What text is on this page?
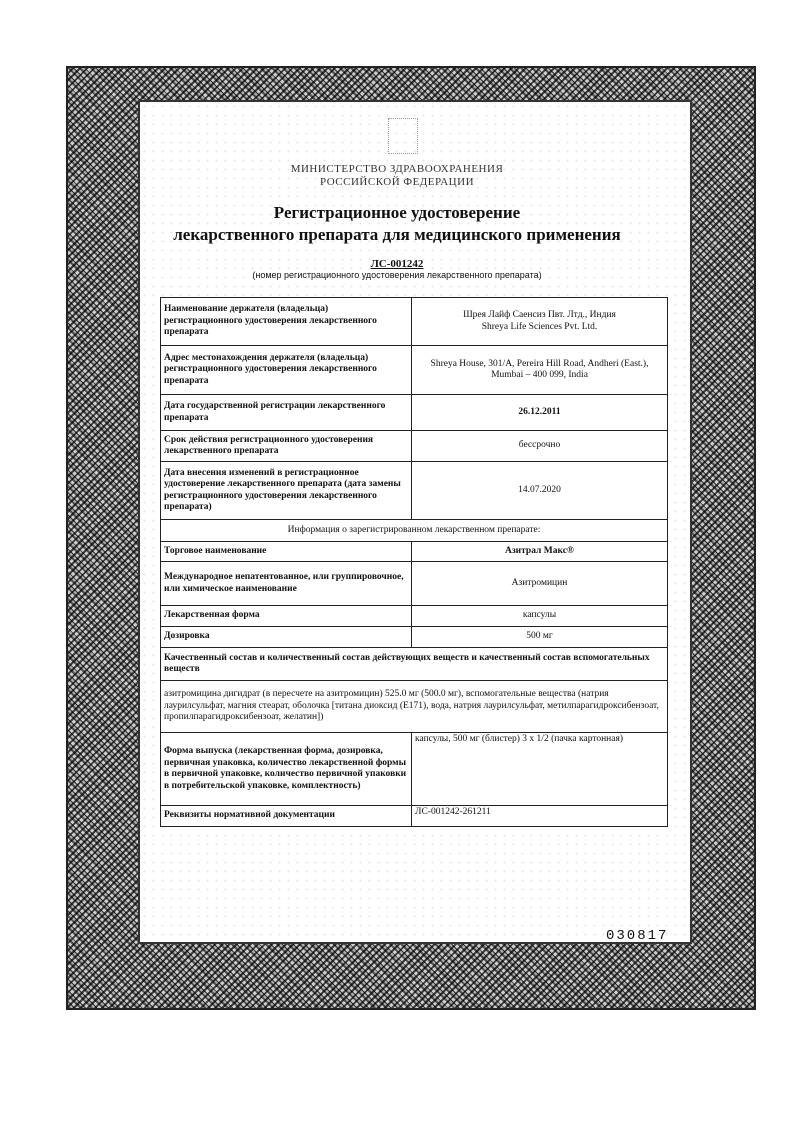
МИНИСТЕРСТВО ЗДРАВООХРАНЕНИЯ
РОССИЙСКОЙ ФЕДЕРАЦИИ
Регистрационное удостоверение
лекарственного препарата для медицинского применения
ЛС-001242
(номер регистрационного удостоверения лекарственного препарата)
Наименование держателя (владельца) регистрационного удостоверения лекарственного препарата	Шрея Лайф Саенсиз Пвт. Лтд., Индия
Shreya Life Sciences Pvt. Ltd.

Адрес местонахождения держателя (владельца) регистрационного удостоверения лекарственного препарата	Shreya House, 301/A, Pereira Hill Road, Andheri (East.), Mumbai – 400 099, India
Дата государственной регистрации лекарственного препарата	26.12.2011
Срок действия регистрационного удостоверения лекарственного препарата	бессрочно
Дата внесения изменений в регистрационное удостоверение лекарственного препарата (дата замены регистрационного удостоверения лекарственного препарата)	14.07.2020
Информация о зарегистрированном лекарственном препарате:	
Торговое наименование	Азитрал Макс®
Международное непатентованное, или группировочное, или химическое наименование	Азитромицин
Лекарственная форма	капсулы
Дозировка	500 мг
Качественный состав и количественный состав действующих веществ и качественный состав вспомогательных веществ	
азитромицина дигидрат (в пересчете на азитромицин) 525.0 мг (500.0 мг), вспомогательные вещества (натрия лаурилсульфат, магния стеарат, оболочка [титана диоксид (E171), вода, натрия лаурилсульфат, метилпарагидроксибензоат, пропилпарагидроксибензоат, желатин])	
Форма выпуска (лекарственная форма, дозировка, первичная упаковка, количество лекарственной формы в первичной упаковке, количество первичной упаковки в потребительской упаковке, комплектность)	капсулы, 500 мг (блистер) 3 x 1/2 (пачка картонная)
Реквизиты нормативной документации	ЛС-001242-261211
030817
